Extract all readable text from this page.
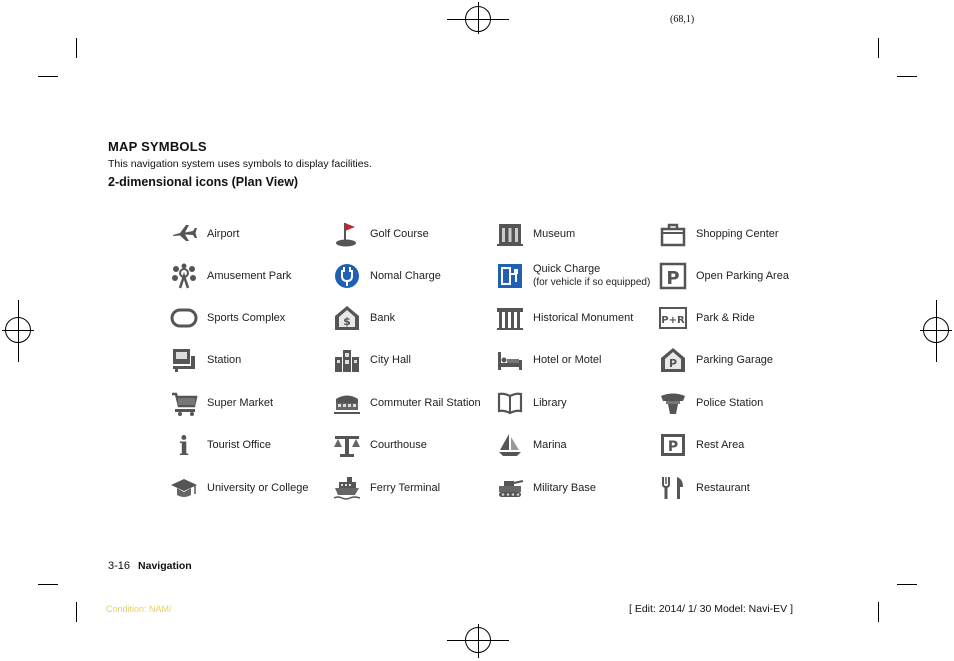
(68,1)
MAP SYMBOLS
This navigation system uses symbols to display facilities.
2-dimensional icons (Plan View)
Airport
Amusement Park
Sports Complex
Station
Super Market
i Tourist Office
University or College
Golf Course
Nomal Charge
$ Bank
City Hall
Commuter Rail Station
Courthouse
Ferry Terminal
Museum
Quick Charge
(for vehicle if so equipped)
Historical Monument
Hotel or Motel
Library
Marina
Military Base
Shopping Center
P Open Parking Area
P+R Park & Ride
P Parking Garage
Police Station
P Rest Area
Restaurant
3-16 Navigation
Condition: NAM/	[ Edit: 2014/ 1/ 30 Model: Navi-EV ]
